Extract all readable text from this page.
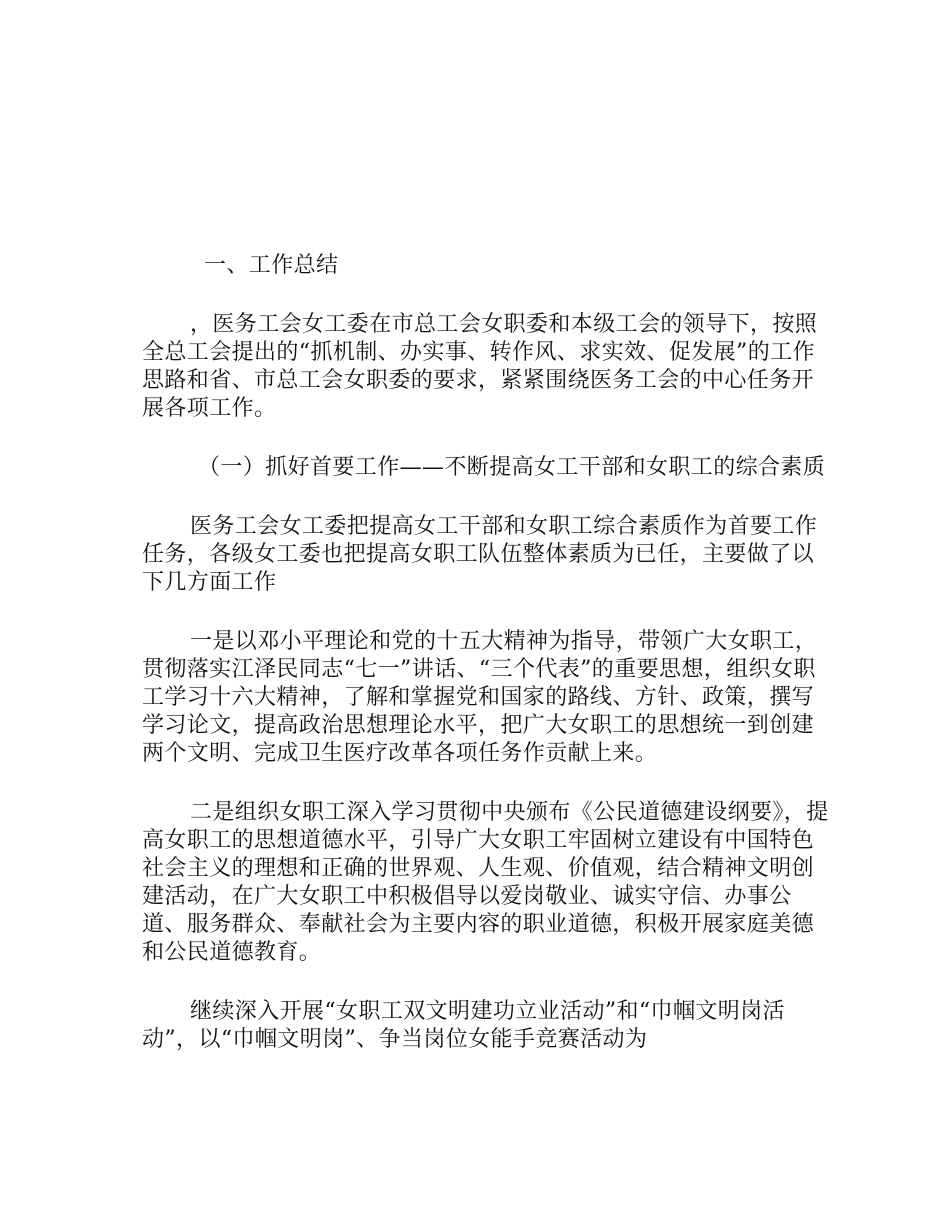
一、工作总结

，医务工会女工委在市总工会女职委和本级工会的领导下，按照全总工会提出的“抓机制、办实事、转作风、求实效、促发展”的工作思路和省、市总工会女职委的要求，紧紧围绕医务工会的中心任务开展各项工作。

（一）抓好首要工作——不断提高女工干部和女职工的综合素质

医务工会女工委把提高女工干部和女职工综合素质作为首要工作任务，各级女工委也把提高女职工队伍整体素质为已任，主要做了以下几方面工作

一是以邓小平理论和党的十五大精神为指导，带领广大女职工，贯彻落实江泽民同志“七一”讲话、“三个代表”的重要思想，组织女职工学习十六大精神，了解和掌握党和国家的路线、方针、政策，撰写学习论文，提高政治思想理论水平，把广大女职工的思想统一到创建两个文明、完成卫生医疗改革各项任务作贡献上来。

二是组织女职工深入学习贯彻中央颁布《公民道德建设纲要》，提高女职工的思想道德水平，引导广大女职工牢固树立建设有中国特色社会主义的理想和正确的世界观、人生观、价值观，结合精神文明创建活动，在广大女职工中积极倡导以爱岗敬业、诚实守信、办事公道、服务群众、奉献社会为主要内容的职业道德，积极开展家庭美德和公民道德教育。

继续深入开展“女职工双文明建功立业活动”和“巾帼文明岗活动”，以“巾帼文明岗”、争当岗位女能手竞赛活动为
